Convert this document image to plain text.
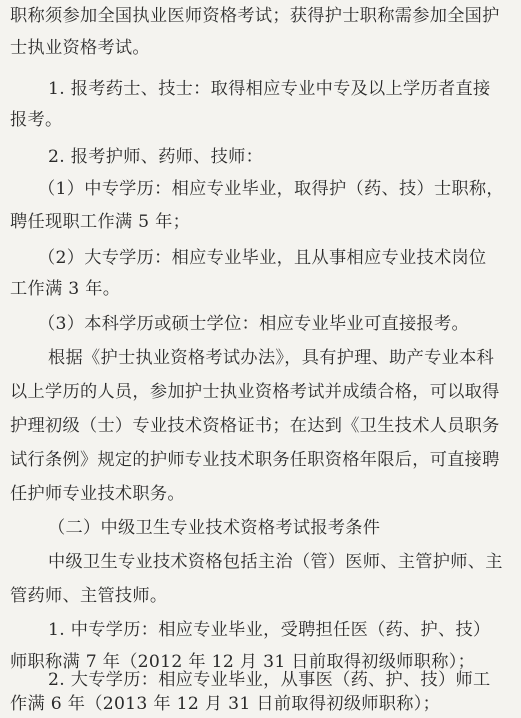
职称须参加全国执业医师资格考试；获得护士职称需参加全国护
士执业资格考试。
1. 报考药士、技士：取得相应专业中专及以上学历者直接
报考。
2. 报考护师、药师、技师：
（1）中专学历：相应专业毕业，取得护（药、技）士职称，
聘任现职工作满 5 年；
（2）大专学历：相应专业毕业，且从事相应专业技术岗位
工作满 3 年。
（3）本科学历或硕士学位：相应专业毕业可直接报考。
根据《护士执业资格考试办法》，具有护理、助产专业本科
以上学历的人员，参加护士执业资格考试并成绩合格，可以取得
护理初级（士）专业技术资格证书；在达到《卫生技术人员职务
试行条例》规定的护师专业技术职务任职资格年限后，可直接聘
任护师专业技术职务。
（二）中级卫生专业技术资格考试报考条件
中级卫生专业技术资格包括主治（管）医师、主管护师、主
管药师、主管技师。
1. 中专学历：相应专业毕业，受聘担任医（药、护、技）
师职称满 7 年（2012 年 12 月 31 日前取得初级师职称）；
2. 大专学历：相应专业毕业，从事医（药、护、技）师工
作满 6 年（2013 年 12 月 31 日前取得初级师职称）；
